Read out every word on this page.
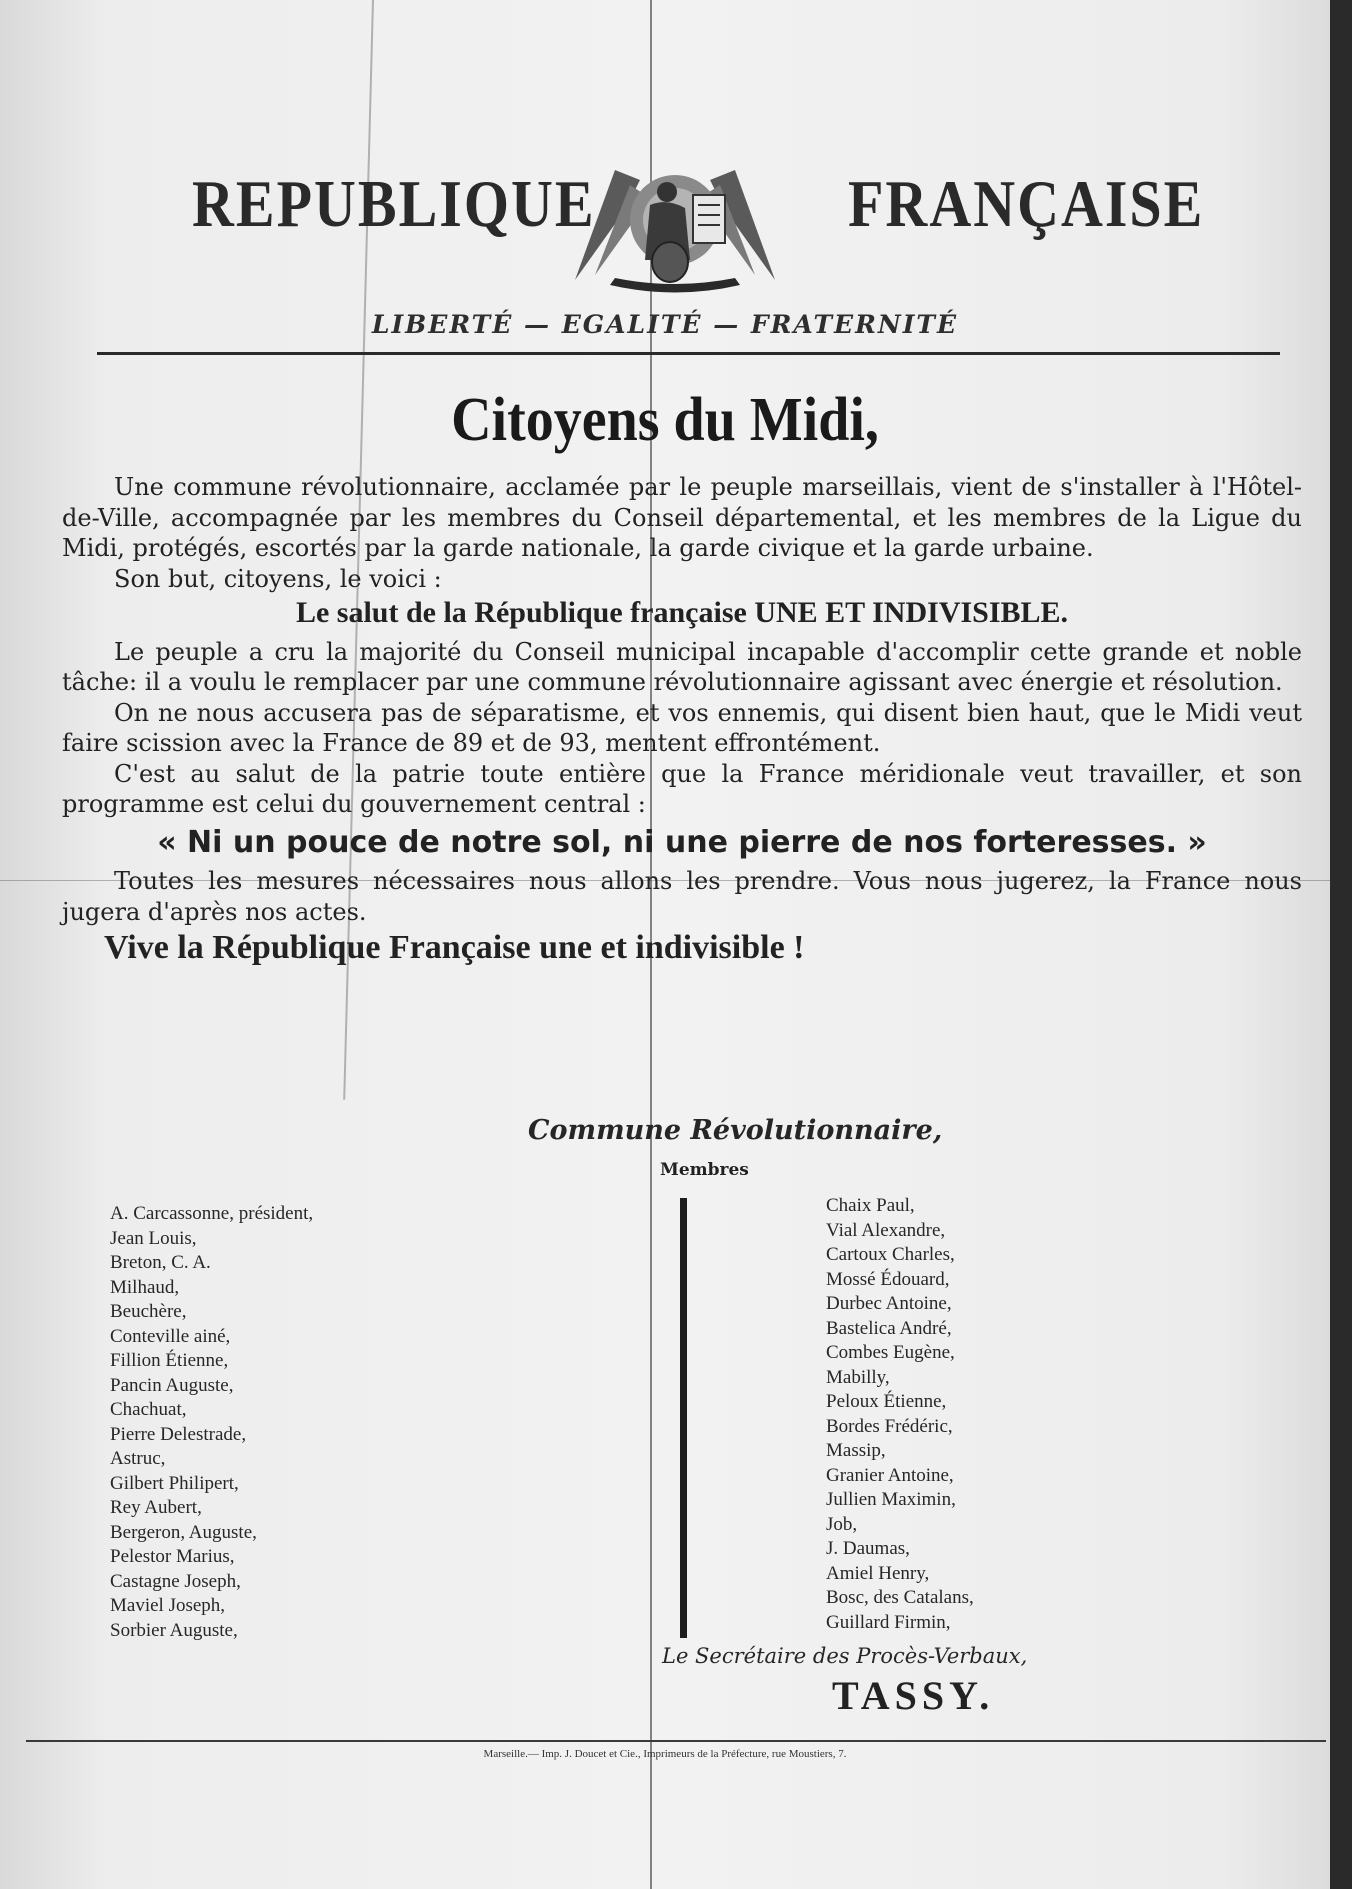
REPUBLIQUE	FRANÇAISE
LIBERTÉ — EGALITÉ — FRATERNITÉ
Citoyens du Midi,

Une commune révolutionnaire, acclamée par le peuple marseillais, vient de s'installer à l'Hôtel-de-Ville, accompagnée par les membres du Conseil départemental, et les membres de la Ligue du Midi, protégés, escortés par la garde nationale, la garde civique et la garde urbaine.

Son but, citoyens, le voici :

Le salut de la République française UNE ET INDIVISIBLE.

Le peuple a cru la majorité du Conseil municipal incapable d'accomplir cette grande et noble tâche: il a voulu le remplacer par une commune révolutionnaire agissant avec énergie et résolution.

On ne nous accusera pas de séparatisme, et vos ennemis, qui disent bien haut, que le Midi veut faire scission avec la France de 89 et de 93, mentent effrontément.

C'est au salut de la patrie toute entière que la France méridionale veut travailler, et son programme est celui du gouvernement central :

« Ni un pouce de notre sol, ni une pierre de nos forteresses. »

Toutes les mesures nécessaires nous allons les prendre. Vous nous jugerez, la France nous jugera d'après nos actes.

Vive la République Française une et indivisible !

Commune Révolutionnaire,
Membres
A. Carcassonne, président,
Jean Louis,
Breton, C. A.
Milhaud,
Beuchère,
Conteville ainé,
Fillion Étienne,
Pancin Auguste,
Chachuat,
Pierre Delestrade,
Astruc,
Gilbert Philipert,
Rey Aubert,
Bergeron, Auguste,
Pelestor Marius,
Castagne Joseph,
Maviel Joseph,
Sorbier Auguste,
Chaix Paul,
Vial Alexandre,
Cartoux Charles,
Mossé Édouard,
Durbec Antoine,
Bastelica André,
Combes Eugène,
Mabilly,
Peloux Étienne,
Bordes Frédéric,
Massip,
Granier Antoine,
Jullien Maximin,
Job,
J. Daumas,
Amiel Henry,
Bosc, des Catalans,
Guillard Firmin,
Le Secrétaire des Procès-Verbaux,
TASSY.
Marseille.— Imp. J. Doucet et Cie., Imprimeurs de la Préfecture, rue Moustiers, 7.
